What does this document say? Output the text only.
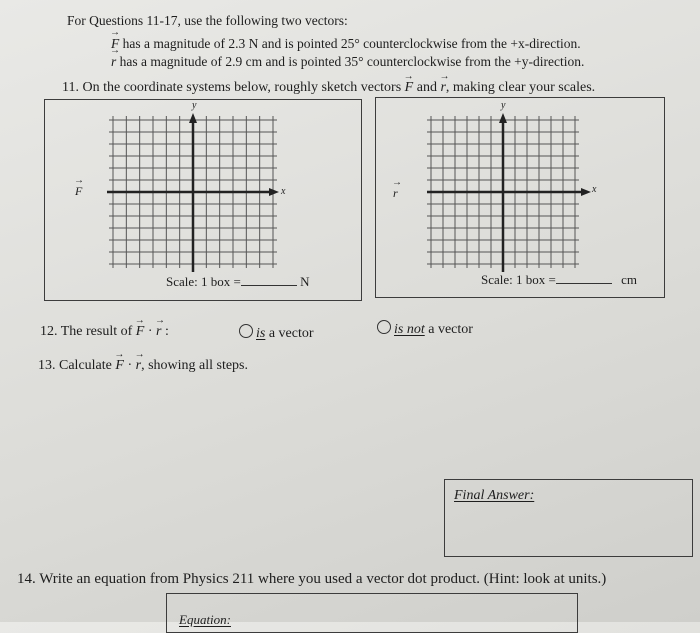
For Questions 11-17, use the following two vectors:
→ F has a magnitude of 2.3 N and is pointed 25° counterclockwise from the +x-direction.
→ r has a magnitude of 2.9 cm and is pointed 35° counterclockwise from the +y-direction.
11. On the coordinate systems below, roughly sketch vectors → F and → r, making clear your scales.
→ F
y
x
Scale: 1 box =	N
→ r
y
x
Scale: 1 box =	cm
12. The result of → F · → r :	is a vector	is not a vector
13. Calculate → F · → r, showing all steps.
Final Answer:
14. Write an equation from Physics 211 where you used a vector dot product. (Hint: look at units.)
Equation:
